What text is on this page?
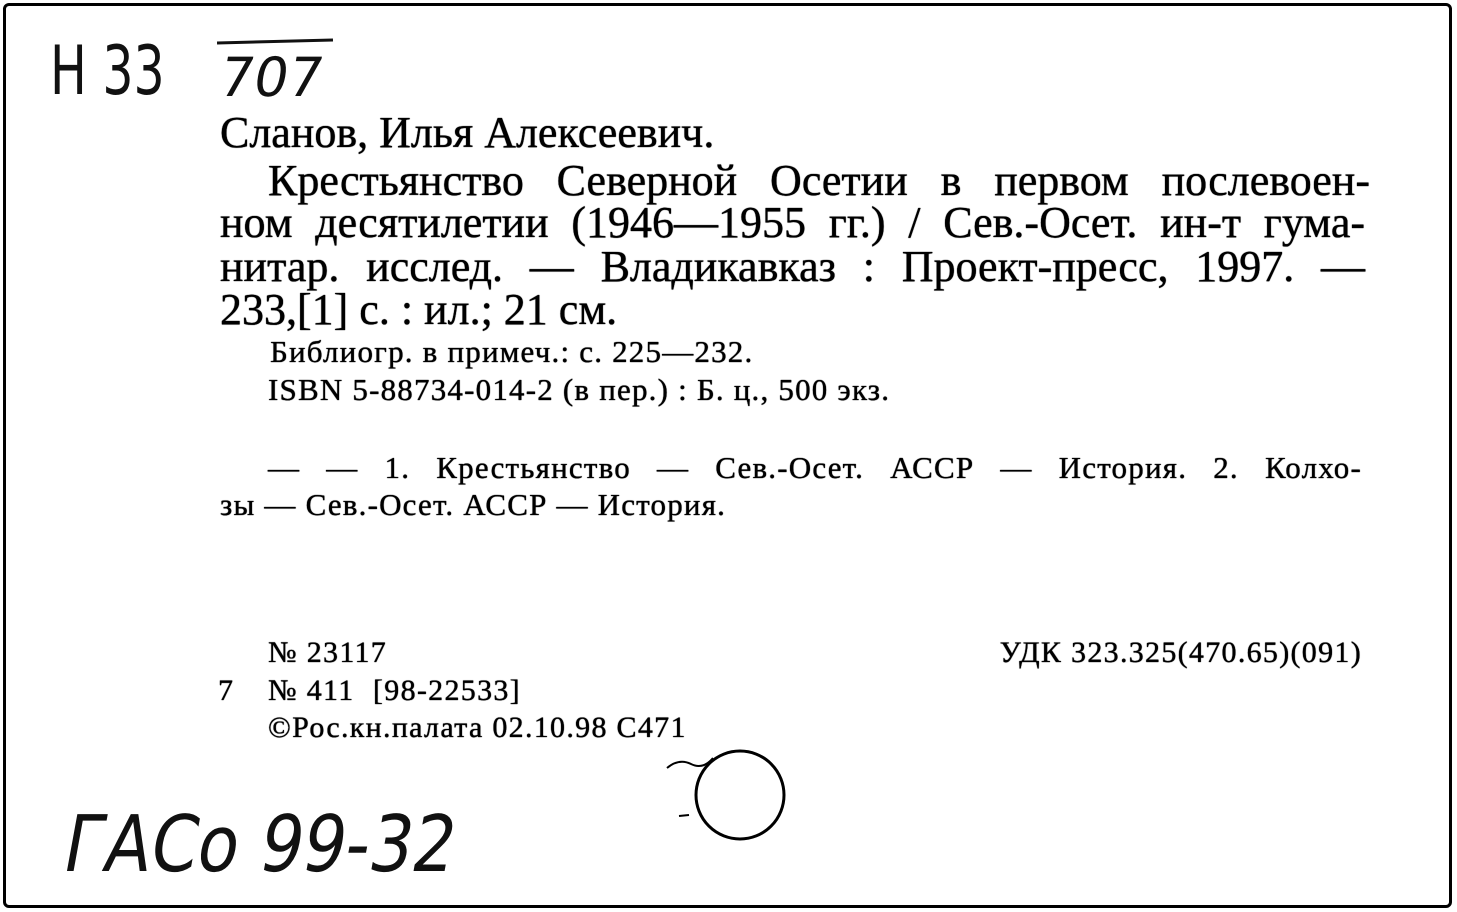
Н 33 707
Сланов, Илья Алексеевич.
Крестьянство Северной Осетии в первом послевоен-
ном десятилетии (1946—1955 гг.) / Сев.-Осет. ин-т гума-
нитар. исслед. — Владикавказ : Проект-пресс, 1997. —
233,[1] с. : ил.; 21 см.
Библиогр. в примеч.: с. 225—232.
ISBN 5-88734-014-2 (в пер.) : Б. ц., 500 экз.
— — 1. Крестьянство — Сев.-Осет. АССР — История. 2. Колхо-
зы — Сев.-Осет. АССР — История.
№ 23117	УДК 323.325(470.65)(091)
7 № 411 [98-22533]
©Рос.кн.палата 02.10.98 С471
ГАСо 99-32
